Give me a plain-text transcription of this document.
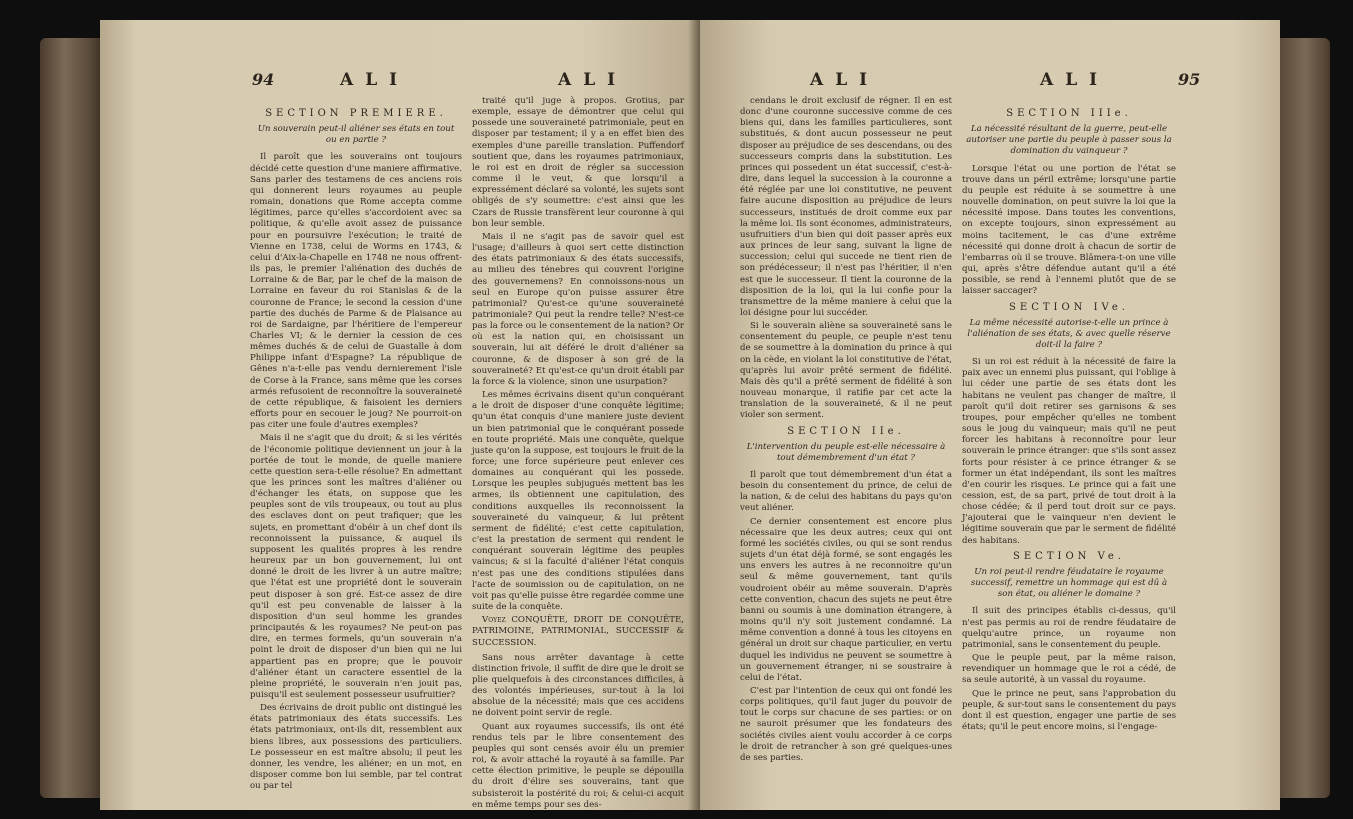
94	ALI	ALI
SECTION PREMIERE.
Un souverain peut-il aliéner ses états en tout ou en partie ?

Il paroît que les souverains ont toujours décidé cette question d'une maniere affirmative. Sans parler des testamens de ces anciens rois qui donnerent leurs royaumes au peuple romain, donations que Rome accepta comme légitimes, parce qu'elles s'accordoient avec sa politique, & qu'elle avoit assez de puissance pour en poursuivre l'exécution; le traité de Vienne en 1738, celui de Worms en 1743, & celui d'Aix-la-Chapelle en 1748 ne nous offrent-ils pas, le premier l'aliénation des duchés de Lorraine & de Bar, par le chef de la maison de Lorraine en faveur du roi Stanislas & de la couronne de France; le second la cession d'une partie des duchés de Parme & de Plaisance au roi de Sardaigne, par l'héritiere de l'empereur Charles VI; & le dernier la cession de ces mêmes duchés & de celui de Guastalle à dom Philippe infant d'Espagne? La république de Gênes n'a-t-elle pas vendu dernierement l'isle de Corse à la France, sans même que les corses armés refusoient de reconnoître la souveraineté de cette république, & faisoient les derniers efforts pour en secouer le joug? Ne pourroit-on pas citer une foule d'autres exemples?

Mais il ne s'agit que du droit; & si les vérités de l'économie politique deviennent un jour à la portée de tout le monde, de quelle maniere cette question sera-t-elle résolue? En admettant que les princes sont les maîtres d'aliéner ou d'échanger les états, on suppose que les peuples sont de vils troupeaux, ou tout au plus des esclaves dont on peut trafiquer; que les sujets, en promettant d'obéir à un chef dont ils reconnoissent la puissance, & auquel ils supposent les qualités propres à les rendre heureux par un bon gouvernement, lui ont donné le droit de les livrer à un autre maître; que l'état est une propriété dont le souverain peut disposer à son gré. Est-ce assez de dire qu'il est peu convenable de laisser à la disposition d'un seul homme les grandes principautés & les royaumes? Ne peut-on pas dire, en termes formels, qu'un souverain n'a point le droit de disposer d'un bien qui ne lui appartient pas en propre; que le pouvoir d'aliéner étant un caractere essentiel de la pleine propriété, le souverain n'en jouit pas, puisqu'il est seulement possesseur usufruitier?

Des écrivains de droit public ont distingué les états patrimoniaux des états successifs. Les états patrimoniaux, ont-ils dit, ressemblent aux biens libres, aux possessions des particuliers. Le possesseur en est maître absolu; il peut les donner, les vendre, les aliéner; en un mot, en disposer comme bon lui semble, par tel contrat ou par tel

traité qu'il juge à propos. Grotius, par exemple, essaye de démontrer que celui qui possede une souveraineté patrimoniale, peut en disposer par testament; il y a en effet bien des exemples d'une pareille translation. Puffendorf soutient que, dans les royaumes patrimoniaux, le roi est en droit de régler sa succession comme il le veut, & que lorsqu'il a expressément déclaré sa volonté, les sujets sont obligés de s'y soumettre: c'est ainsi que les Czars de Russie transfèrent leur couronne à qui bon leur semble.

Mais il ne s'agit pas de savoir quel est l'usage; d'ailleurs à quoi sert cette distinction des états patrimoniaux & des états successifs, au milieu des ténebres qui couvrent l'origine des gouvernemens? En connoissons-nous un seul en Europe qu'on puisse assurer être patrimonial? Qu'est-ce qu'une souveraineté patrimoniale? Qui peut la rendre telle? N'est-ce pas la force ou le consentement de la nation? Or où est la nation qui, en choisissant un souverain, lui ait déféré le droit d'aliéner sa couronne, & de disposer à son gré de la souveraineté? Et qu'est-ce qu'un droit établi par la force & la violence, sinon une usurpation?

Les mêmes écrivains disent qu'un conquérant a le droit de disposer d'une conquête légitime; qu'un état conquis d'une maniere juste devient un bien patrimonial que le conquérant possede en toute propriété. Mais une conquête, quelque juste qu'on la suppose, est toujours le fruit de la force; une force supérieure peut enlever ces domaines au conquérant qui les possede. Lorsque les peuples subjugués mettent bas les armes, ils obtiennent une capitulation, des conditions auxquelles ils reconnoissent la souveraineté du vainqueur, & lui prêtent serment de fidélité; c'est cette capitulation, c'est la prestation de serment qui rendent le conquérant souverain légitime des peuples vaincus; & si la faculté d'aliéner l'état conquis n'est pas une des conditions stipulées dans l'acte de soumission ou de capitulation, on ne voit pas qu'elle puisse être regardée comme une suite de la conquête.

Voyez CONQUÊTE, DROIT DE CONQUÊTE, PATRIMOINE, PATRIMONIAL, SUCCESSIF & SUCCESSION.

Sans nous arrêter davantage à cette distinction frivole, il suffit de dire que le droit se plie quelquefois à des circonstances difficiles, à des volontés impérieuses, sur-tout à la loi absolue de la nécessité; mais que ces accidens ne doivent point servir de regle.

Quant aux royaumes successifs, ils ont été rendus tels par le libre consentement des peuples qui sont censés avoir élu un premier roi, & avoir attaché la royauté à sa famille. Par cette élection primitive, le peuple se dépouilla du droit d'élire ses souverains, tant que subsisteroit la postérité du roi; & celui-ci acquit en même temps pour ses des-

ALI	ALI	95

cendans le droit exclusif de régner. Il en est donc d'une couronne successive comme de ces biens qui, dans les familles particulieres, sont substitués, & dont aucun possesseur ne peut disposer au préjudice de ses descendans, ou des successeurs compris dans la substitution. Les princes qui possedent un état successif, c'est-à-dire, dans lequel la succession à la couronne a été réglée par une loi constitutive, ne peuvent faire aucune disposition au préjudice de leurs successeurs, institués de droit comme eux par la même loi. Ils sont économes, administrateurs, usufruitiers d'un bien qui doit passer après eux aux princes de leur sang, suivant la ligne de succession; celui qui succede ne tient rien de son prédécesseur; il n'est pas l'héritier, il n'en est que le successeur. Il tient la couronne de la disposition de la loi, qui la lui confie pour la transmettre de la même maniere à celui que la loi désigne pour lui succéder.

Si le souverain aliène sa souveraineté sans le consentement du peuple, ce peuple n'est tenu de se soumettre à la domination du prince à qui on la cède, en violant la loi constitutive de l'état, qu'après lui avoir prêté serment de fidélité. Mais dès qu'il a prêté serment de fidélité à son nouveau monarque, il ratifie par cet acte la translation de la souveraineté, & il ne peut violer son serment.

SECTION IIe.
L'intervention du peuple est-elle nécessaire à tout démembrement d'un état ?

Il paroît que tout démembrement d'un état a besoin du consentement du prince, de celui de la nation, & de celui des habitans du pays qu'on veut aliéner.

Ce dernier consentement est encore plus nécessaire que les deux autres; ceux qui ont formé les sociétés civiles, ou qui se sont rendus sujets d'un état déjà formé, se sont engagés les uns envers les autres à ne reconnoitre qu'un seul & même gouvernement, tant qu'ils voudroient obéir au même souverain. D'après cette convention, chacun des sujets ne peut être banni ou soumis à une domination étrangere, à moins qu'il n'y soit justement condamné. La même convention a donné à tous les citoyens en général un droit sur chaque particulier, en vertu duquel les individus ne peuvent se soumettre à un gouvernement étranger, ni se soustraire à celui de l'état.

C'est par l'intention de ceux qui ont fondé les corps politiques, qu'il faut juger du pouvoir de tout le corps sur chacune de ses parties: or on ne sauroit présumer que les fondateurs des sociétés civiles aient voulu accorder à ce corps le droit de retrancher à son gré quelques-unes de ses parties.

SECTION IIIe.
La nécessité résultant de la guerre, peut-elle autoriser une partie du peuple à passer sous la domination du vainqueur ?

Lorsque l'état ou une portion de l'état se trouve dans un péril extrême; lorsqu'une partie du peuple est réduite à se soumettre à une nouvelle domination, on peut suivre la loi que la nécessité impose. Dans toutes les conventions, on excepte toujours, sinon expressément au moins tacitement, le cas d'une extrême nécessité qui donne droit à chacun de sortir de l'embarras où il se trouve. Blâmera-t-on une ville qui, après s'être défendue autant qu'il a été possible, se rend à l'ennemi plutôt que de se laisser saccager?

SECTION IVe.
La même nécessité autorise-t-elle un prince à l'aliénation de ses états, & avec quelle réserve doit-il la faire ?

Si un roi est réduit à la nécessité de faire la paix avec un ennemi plus puissant, qui l'oblige à lui céder une partie de ses états dont les habitans ne veulent pas changer de maître, il paroît qu'il doit retirer ses garnisons & ses troupes, pour empêcher qu'elles ne tombent sous le joug du vainqueur; mais qu'il ne peut forcer les habitans à reconnoître pour leur souverain le prince étranger: que s'ils sont assez forts pour résister à ce prince étranger & se former un état indépendant, ils sont les maîtres d'en courir les risques. Le prince qui a fait une cession, est, de sa part, privé de tout droit à la chose cédée; & il perd tout droit sur ce pays. J'ajouterai que le vainqueur n'en devient le légitime souverain que par le serment de fidélité des habitans.

SECTION Ve.
Un roi peut-il rendre féudataire le royaume successif, remettre un hommage qui est dû à son état, ou aliéner le domaine ?

Il suit des principes établis ci-dessus, qu'il n'est pas permis au roi de rendre féudataire de quelqu'autre prince, un royaume non patrimonial, sans le consentement du peuple.

Que le peuple peut, par la même raison, revendiquer un hommage que le roi a cédé, de sa seule autorité, à un vassal du royaume.

Que le prince ne peut, sans l'approbation du peuple, & sur-tout sans le consentement du pays dont il est question, engager une partie de ses états; qu'il le peut encore moins, si l'engage-
